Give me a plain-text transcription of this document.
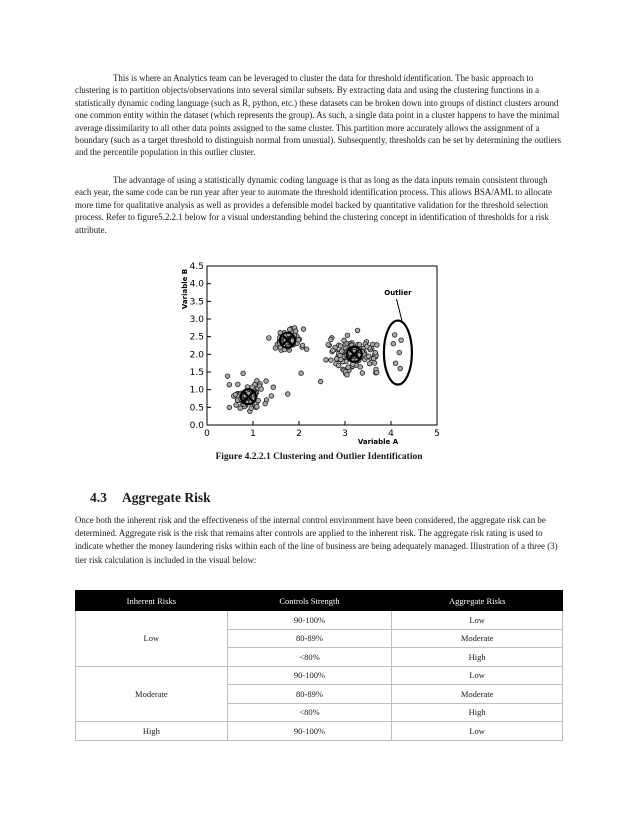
This is where an Analytics team can be leveraged to cluster the data for threshold identification. The basic approach to clustering is to partition objects/observations into several similar subsets. By extracting data and using the clustering functions in a statistically dynamic coding language (such as R, python, etc.) these datasets can be broken down into groups of distinct clusters around one common entity within the dataset (which represents the group). As such, a single data point in a cluster happens to have the minimal average dissimilarity to all other data points assigned to the same cluster. This partition more accurately allows the assignment of a boundary (such as a target threshold to distinguish normal from unusual). Subsequently, thresholds can be set by determining the outliers and the percentile population in this outlier cluster.

The advantage of using a statistically dynamic coding language is that as long as the data inputs remain consistent through each year, the same code can be run year after year to automate the threshold identification process. This allows BSA/AML to allocate more time for qualitative analysis as well as provides a defensible model backed by quantitative validation for the threshold selection process. Refer to figure5.2.2.1 below for a visual understanding behind the clustering concept in identification of thresholds for a risk attribute.

0	1	2	3	4	5
0.0
0.5
1.0
1.5
2.0
2.5
3.0
3.5
4.0
4.5
Variable A
Variable B	Outlier
Figure 4.2.2.1 Clustering and Outlier Identification
4.3 Aggregate Risk

Once both the inherent risk and the effectiveness of the internal control environment have been considered, the aggregate risk can be determined. Aggregate risk is the risk that remains after controls are applied to the inherent risk. The aggregate risk rating is used to indicate whether the money laundering risks within each of the line of business are being adequately managed. Illustration of a three (3) tier risk calculation is included in the visual below:

Inherent Risks	Controls Strength	Aggregate Risks
Low	90-100%	Low
	80-89%	Moderate
	<80%	High
Moderate	90-100%	Low
	80-89%	Moderate
	<80%	High
High	90-100%	Low
